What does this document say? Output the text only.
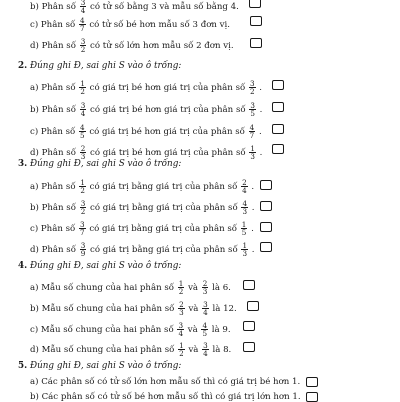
b) Phân số $\frac{3}{4}$ có tử số bằng 3 và mẫu số bằng 4.
c) Phân số $\frac{4}{7}$ có tử số bé hơn mẫu số 3 đơn vị.
d) Phân số $\frac{3}{2}$ có tử số lớn hơn mẫu số 2 đơn vị.
2. Đúng ghi Đ, sai ghi S vào ô trống:
a) Phân số $\frac{1}{2}$ có giá trị bé hơn giá trị của phân số $\frac{3}{2}$ .
b) Phân số $\frac{3}{4}$ có giá trị bé hơn giá trị của phân số $\frac{3}{5}$ .
c) Phân số $\frac{4}{5}$ có giá trị bé hơn giá trị của phân số $\frac{4}{7}$ .
d) Phân số $\frac{2}{3}$ có giá trị bé hơn giá trị của phân số $\frac{1}{3}$ .
3. Đúng ghi Đ, sai ghi S vào ô trống:
a) Phân số $\frac{1}{2}$ có giá trị bằng giá trị của phân số $\frac{2}{4}$ .
b) Phân số $\frac{3}{2}$ có giá trị bằng giá trị của phân số $\frac{4}{3}$ .
c) Phân số $\frac{3}{7}$ có giá trị bằng giá trị của phân số $\frac{1}{5}$ .
d) Phân số $\frac{3}{9}$ có giá trị bằng giá trị của phân số $\frac{1}{3}$ .
4. Đúng ghi Đ, sai ghi S vào ô trống:
a) Mẫu số chung của hai phân số $\frac{1}{2}$ và $\frac{2}{3}$ là 6.
b) Mẫu số chung của hai phân số $\frac{2}{3}$ và $\frac{3}{4}$ là 12.
c) Mẫu số chung của hai phân số $\frac{3}{4}$ và $\frac{4}{5}$ là 9.
d) Mẫu số chung của hai phân số $\frac{1}{2}$ và $\frac{3}{4}$ là 8.
5. Đúng ghi Đ, sai ghi S vào ô trống:
a) Các phân số có tử số lớn hơn mẫu số thì có giá trị bé hơn 1.
b) Các phân số có tử số bé hơn mẫu số thì có giá trị lớn hơn 1.
